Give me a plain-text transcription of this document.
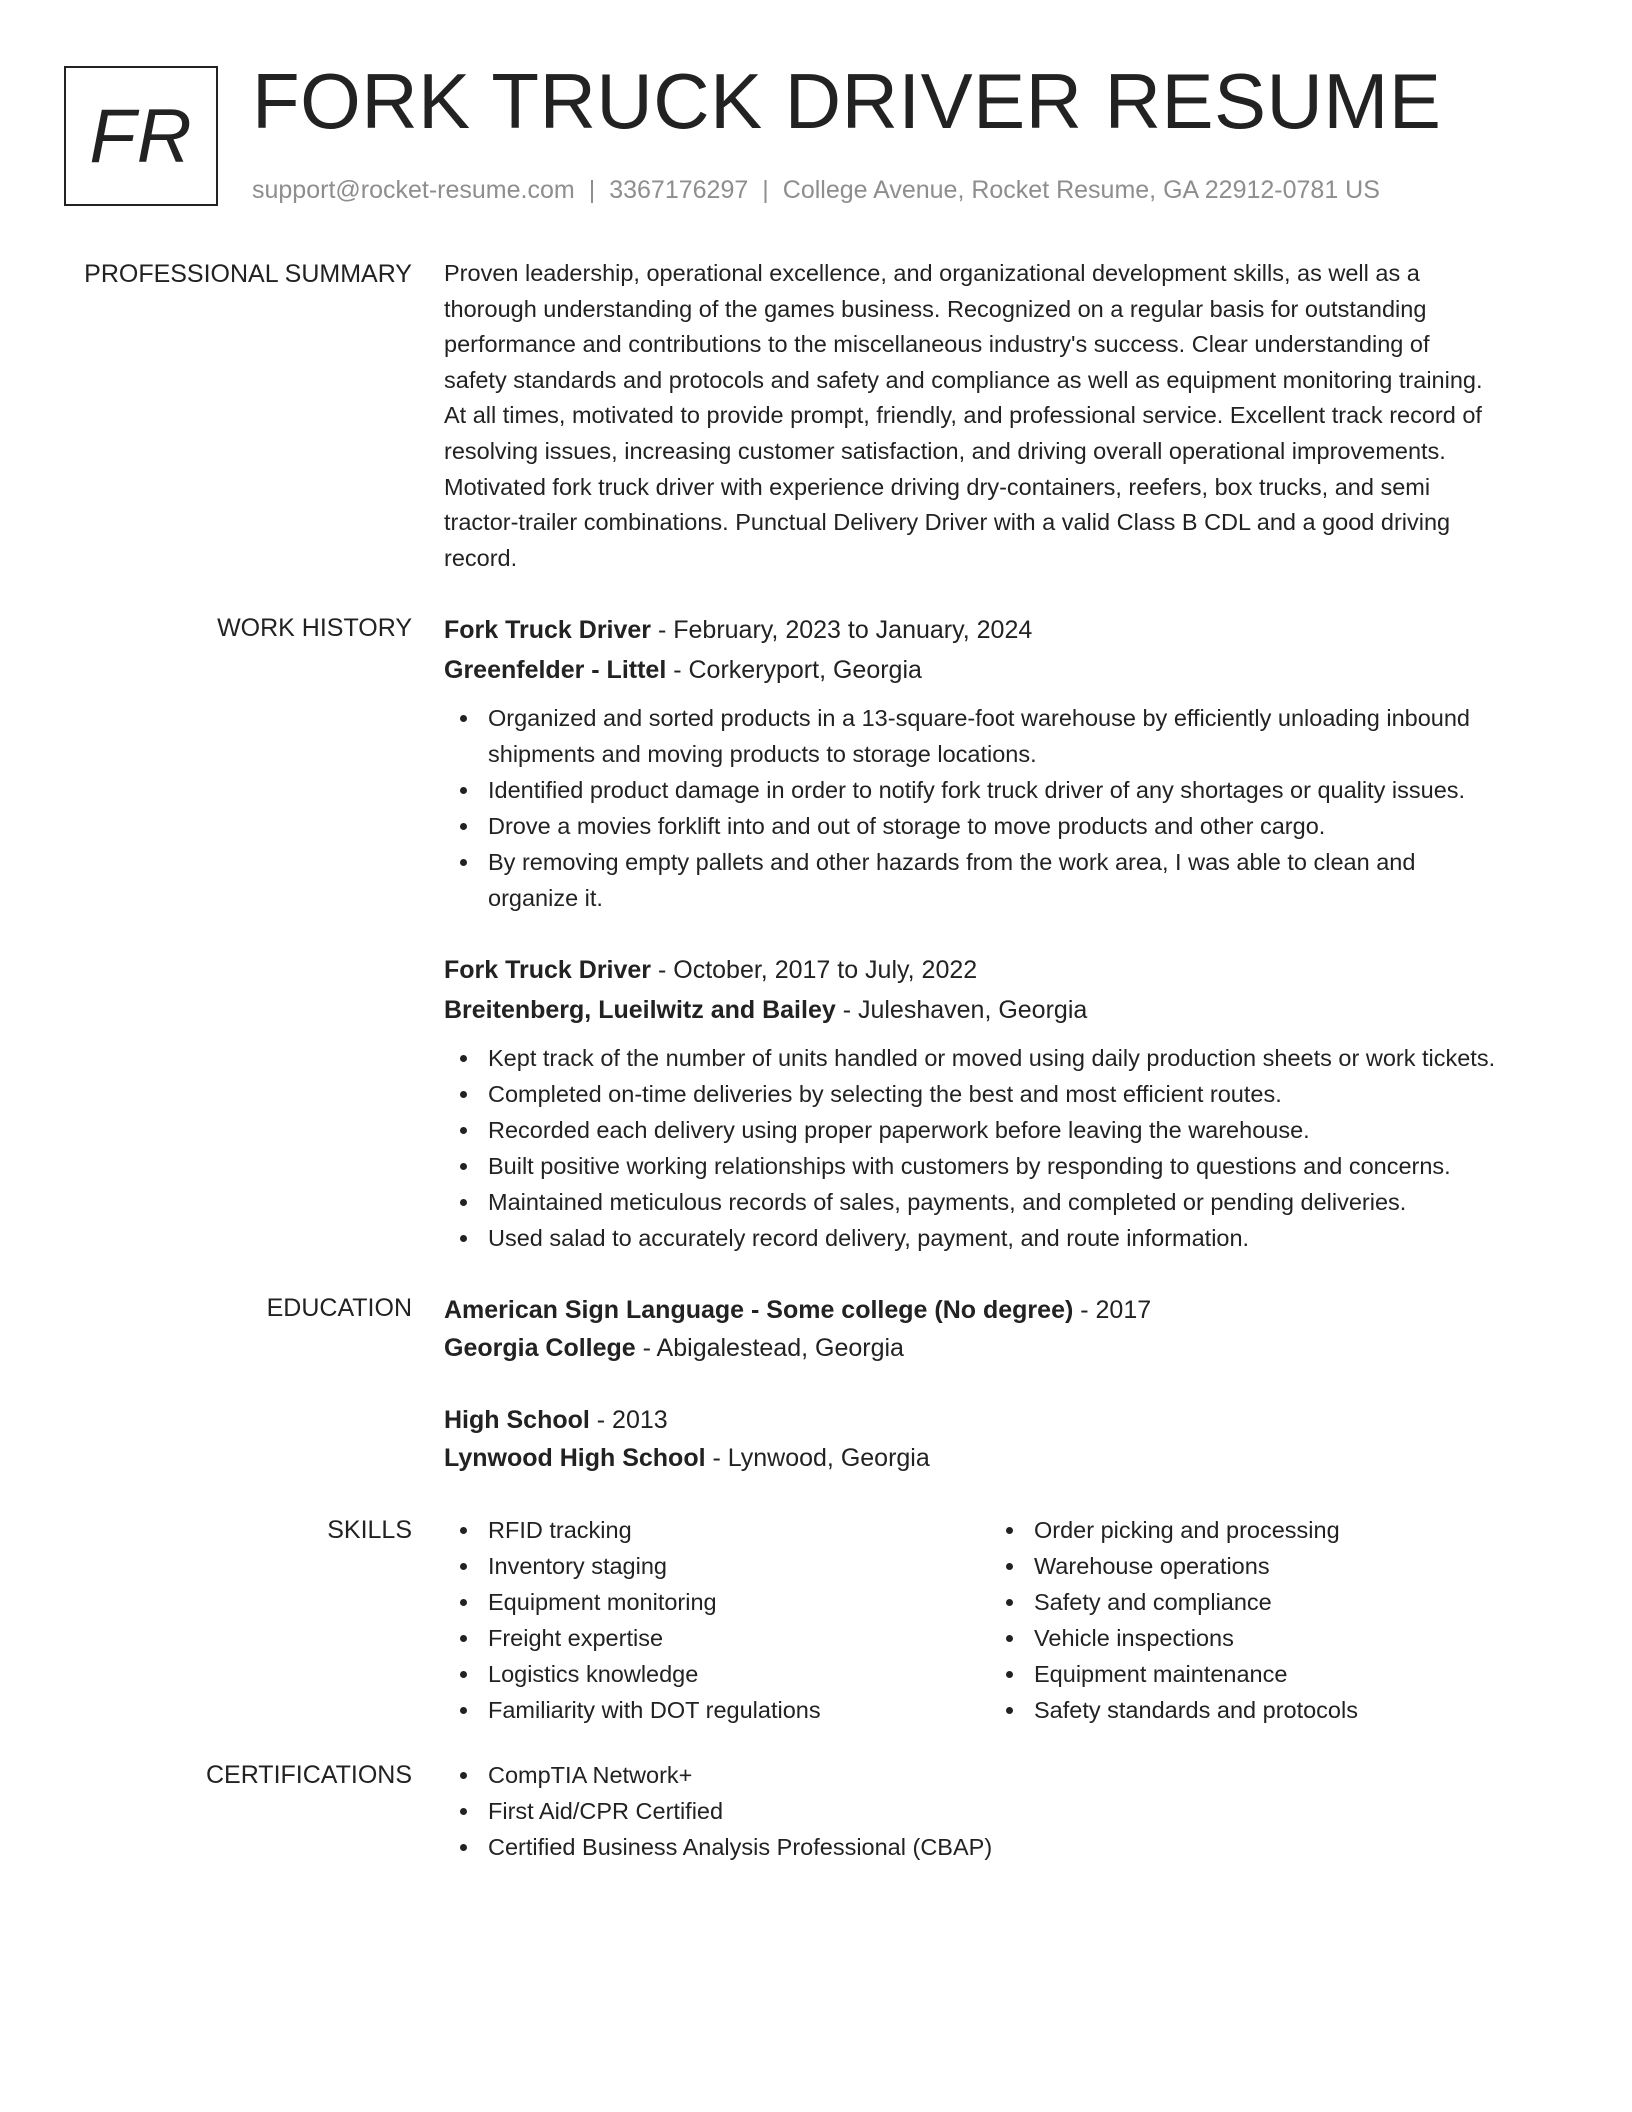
FR FORK TRUCK DRIVER RESUME
support@rocket-resume.com | 3367176297 | College Avenue, Rocket Resume, GA 22912-0781 US
PROFESSIONAL SUMMARY Proven leadership, operational excellence, and organizational development skills, as well as a
thorough understanding of the games business. Recognized on a regular basis for outstanding
performance and contributions to the miscellaneous industry's success. Clear understanding of
safety standards and protocols and safety and compliance as well as equipment monitoring training.
At all times, motivated to provide prompt, friendly, and professional service. Excellent track record of
resolving issues, increasing customer satisfaction, and driving overall operational improvements.
Motivated fork truck driver with experience driving dry-containers, reefers, box trucks, and semi
tractor-trailer combinations. Punctual Delivery Driver with a valid Class B CDL and a good driving
record.
WORK HISTORY Fork Truck Driver - February, 2023 to January, 2024
Greenfelder - Littel - Corkeryport, Georgia
Organized and sorted products in a 13-square-foot warehouse by efficiently unloading inbound
shipments and moving products to storage locations.
Identified product damage in order to notify fork truck driver of any shortages or quality issues.
Drove a movies forklift into and out of storage to move products and other cargo.
By removing empty pallets and other hazards from the work area, I was able to clean and
organize it.
Fork Truck Driver - October, 2017 to July, 2022
Breitenberg, Lueilwitz and Bailey - Juleshaven, Georgia
Kept track of the number of units handled or moved using daily production sheets or work tickets.
Completed on-time deliveries by selecting the best and most efficient routes.
Recorded each delivery using proper paperwork before leaving the warehouse.
Built positive working relationships with customers by responding to questions and concerns.
Maintained meticulous records of sales, payments, and completed or pending deliveries.
Used salad to accurately record delivery, payment, and route information.
EDUCATION American Sign Language - Some college (No degree) - 2017
Georgia College - Abigalestead, Georgia
High School - 2013
Lynwood High School - Lynwood, Georgia
SKILLS	RFID tracking
Inventory staging
Equipment monitoring
Freight expertise
Logistics knowledge
Familiarity with DOT regulations
Order picking and processing
Warehouse operations
Safety and compliance
Vehicle inspections
Equipment maintenance
Safety standards and protocols
CERTIFICATIONS	CompTIA Network+
First Aid/CPR Certified
Certified Business Analysis Professional (CBAP)
